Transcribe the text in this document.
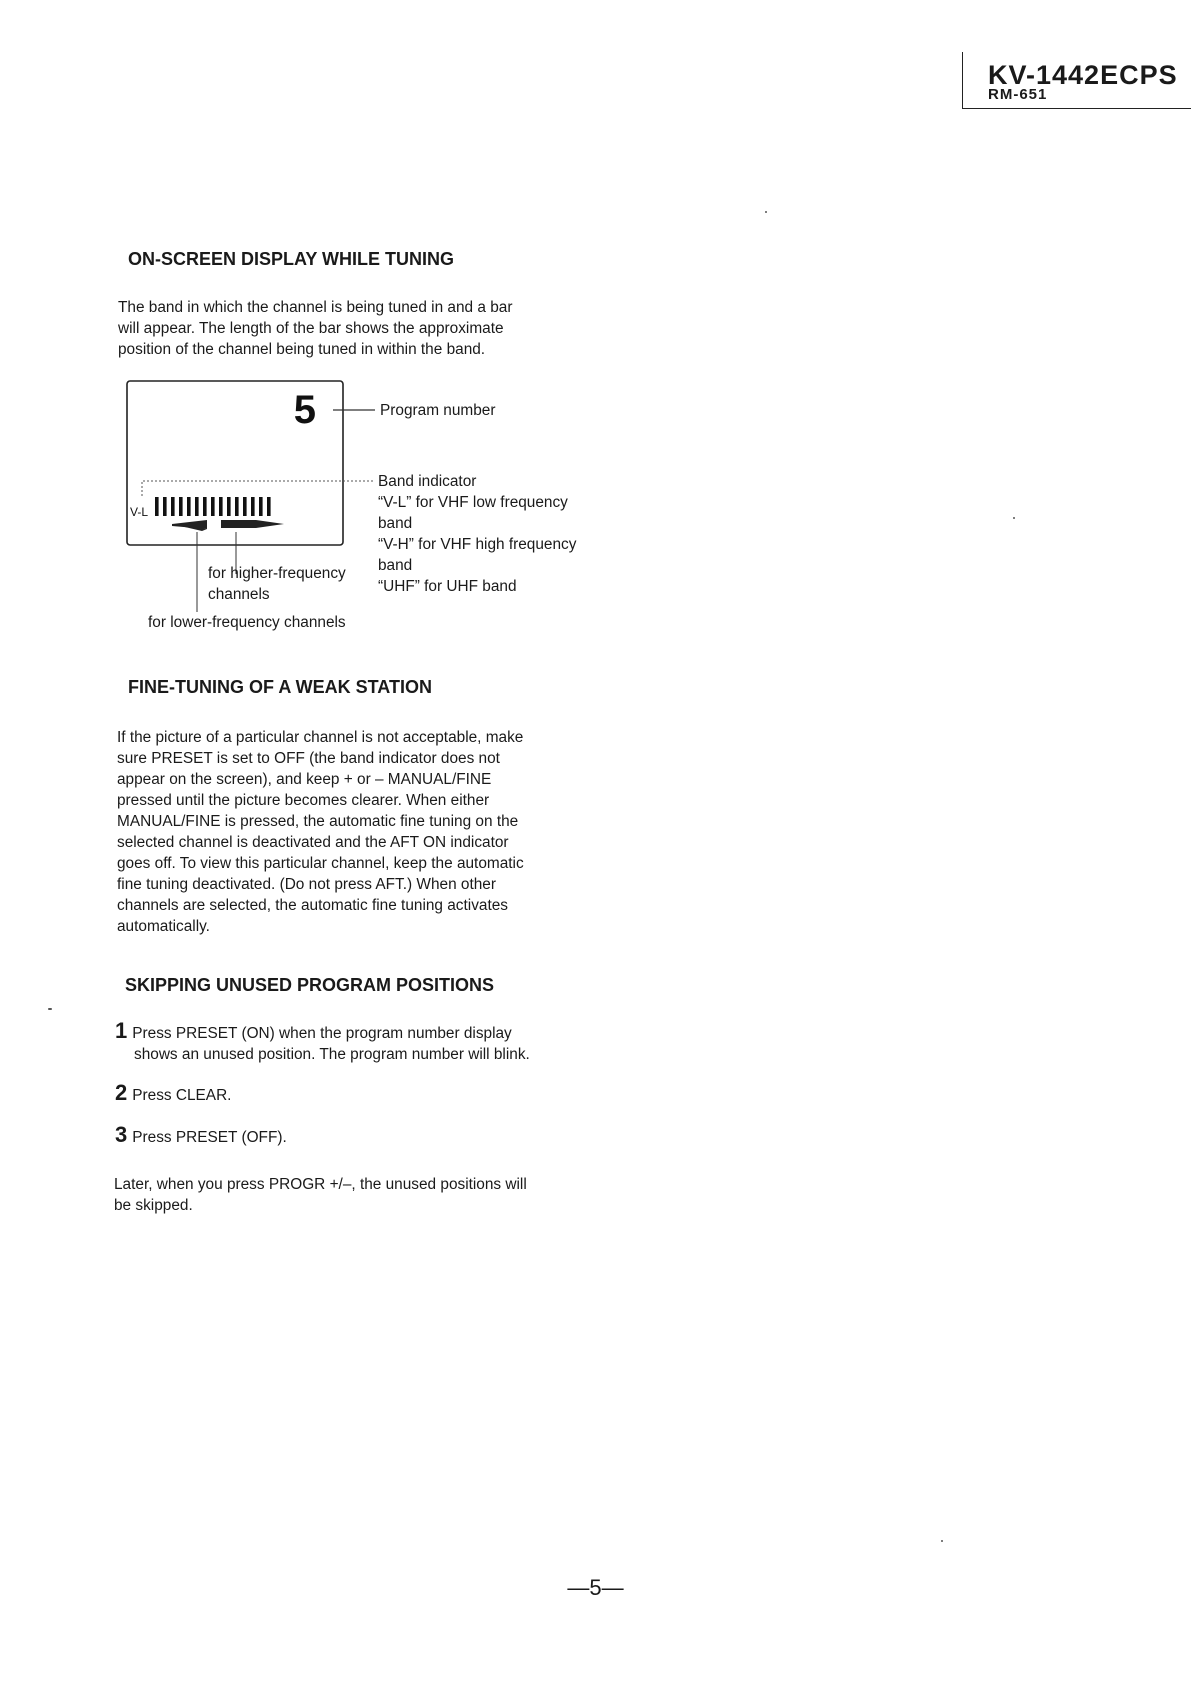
KV-1442ECPS
RM-651
ON-SCREEN DISPLAY WHILE TUNING
The band in which the channel is being tuned in and a bar
will appear. The length of the bar shows the approximate
position of the channel being tuned in within the band.
5
V-L
Program number
Band indicator
“V-L” for VHF low frequency
band
“V-H” for VHF high frequency
band
“UHF” for UHF band
for higher-frequency
channels
for lower-frequency channels
FINE-TUNING OF A WEAK STATION
If the picture of a particular channel is not acceptable, make
sure PRESET is set to OFF (the band indicator does not
appear on the screen), and keep + or – MANUAL/FINE
pressed until the picture becomes clearer. When either
MANUAL/FINE is pressed, the automatic fine tuning on the
selected channel is deactivated and the AFT ON indicator
goes off. To view this particular channel, keep the automatic
fine tuning deactivated. (Do not press AFT.) When other
channels are selected, the automatic fine tuning activates
automatically.
SKIPPING UNUSED PROGRAM POSITIONS
1 Press PRESET (ON) when the program number display
shows an unused position. The program number will blink.
2 Press CLEAR.
3 Press PRESET (OFF).
Later, when you press PROGR +/–, the unused positions will
be skipped.
—5—
